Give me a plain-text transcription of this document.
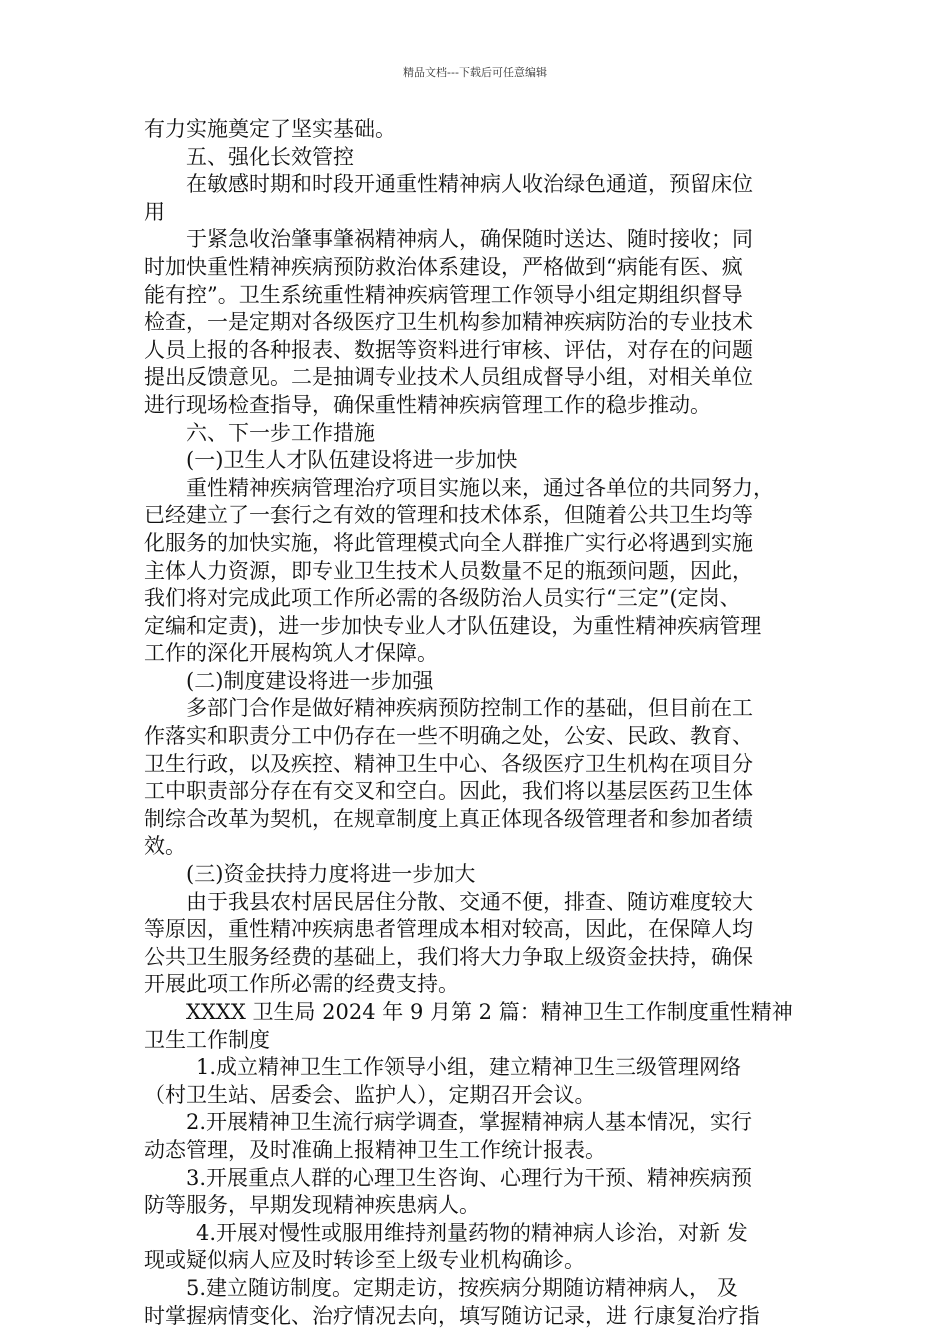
精品文档---下载后可任意编辑
有力实施奠定了坚实基础。
五、强化长效管控
在敏感时期和时段开通重性精神病人收治绿色通道，预留床位
用
于紧急收治肇事肇祸精神病人，确保随时送达、随时接收；同
时加快重性精神疾病预防救治体系建设，严格做到“病能有医、疯
能有控”。卫生系统重性精神疾病管理工作领导小组定期组织督导
检查，一是定期对各级医疗卫生机构参加精神疾病防治的专业技术
人员上报的各种报表、数据等资料进行审核、评估，对存在的问题
提出反馈意见。二是抽调专业技术人员组成督导小组，对相关单位
进行现场检查指导，确保重性精神疾病管理工作的稳步推动。
六、下一步工作措施
(一)卫生人才队伍建设将进一步加快
重性精神疾病管理治疗项目实施以来，通过各单位的共同努力，
已经建立了一套行之有效的管理和技术体系，但随着公共卫生均等
化服务的加快实施，将此管理模式向全人群推广实行必将遇到实施
主体人力资源，即专业卫生技术人员数量不足的瓶颈问题，因此，
我们将对完成此项工作所必需的各级防治人员实行“三定”(定岗、
定编和定责)，进一步加快专业人才队伍建设，为重性精神疾病管理
工作的深化开展构筑人才保障。
(二)制度建设将进一步加强
多部门合作是做好精神疾病预防控制工作的基础，但目前在工
作落实和职责分工中仍存在一些不明确之处，公安、民政、教育、
卫生行政，以及疾控、精神卫生中心、各级医疗卫生机构在项目分
工中职责部分存在有交叉和空白。因此，我们将以基层医药卫生体
制综合改革为契机，在规章制度上真正体现各级管理者和参加者绩
效。
(三)资金扶持力度将进一步加大
由于我县农村居民居住分散、交通不便，排查、随访难度较大
等原因，重性精冲疾病患者管理成本相对较高，因此，在保障人均
公共卫生服务经费的基础上，我们将大力争取上级资金扶持，确保
开展此项工作所必需的经费支持。
XXXX 卫生局 2024 年 9 月第 2 篇：精神卫生工作制度重性精神
卫生工作制度
1.成立精神卫生工作领导小组，建立精神卫生三级管理网络
（村卫生站、居委会、监护人），定期召开会议。
2.开展精神卫生流行病学调查，掌握精神病人基本情况，实行
动态管理，及时准确上报精神卫生工作统计报表。
3.开展重点人群的心理卫生咨询、心理行为干预、精神疾病预
防等服务，早期发现精神疾患病人。
4.开展对慢性或服用维持剂量药物的精神病人诊治，对新 发
现或疑似病人应及时转诊至上级专业机构确诊。
5.建立随访制度。定期走访，按疾病分期随访精神病人， 及
时掌握病情变化、治疗情况去向，填写随访记录，进 行康复治疗指
